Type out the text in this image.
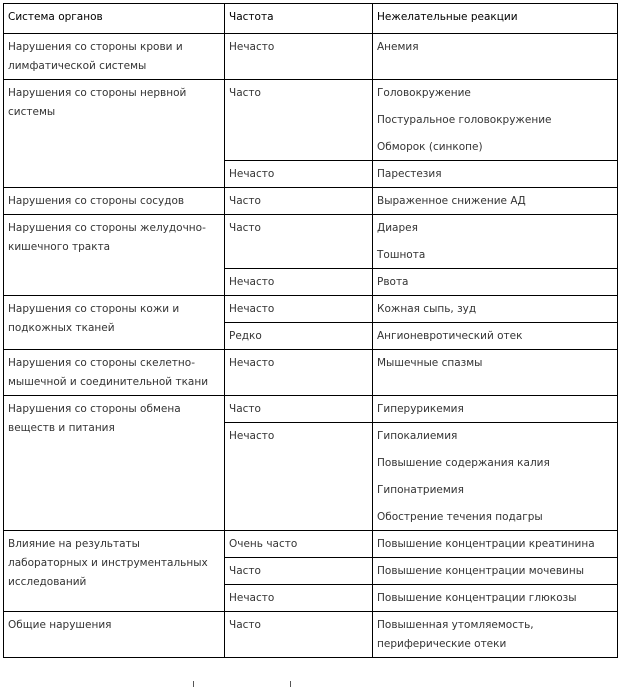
Система органов	Частота	Нежелательные реакции

Нарушения со стороны крови и лимфатической системы	Нечасто	Анемия

Нарушения со стороны нервной системы	Часто	Головокружение
Постуральное головокружение
Обморок (синкопе)

	Нечасто	Парестезия

Нарушения со стороны сосудов	Часто	Выраженное снижение АД

Нарушения со стороны желудочно-кишечного тракта	Часто	Диарея
Тошнота

	Нечасто	Рвота

Нарушения со стороны кожи и подкожных тканей	Нечасто	Кожная сыпь, зуд

	Редко	Ангионевротический отек

Нарушения со стороны скелетно-мышечной и соединительной ткани	Нечасто	Мышечные спазмы

Нарушения со стороны обмена веществ и питания	Часто	Гиперурикемия

	Нечасто	Гипокалиемия
Повышение содержания калия
Гипонатриемия
Обострение течения подагры

Влияние на результаты лабораторных и инструментальных исследований	Очень часто	Повышение концентрации креатинина

	Часто	Повышение концентрации мочевины

	Нечасто	Повышение концентрации глюкозы

Общие нарушения	Часто	Повышенная утомляемость, периферические отеки
